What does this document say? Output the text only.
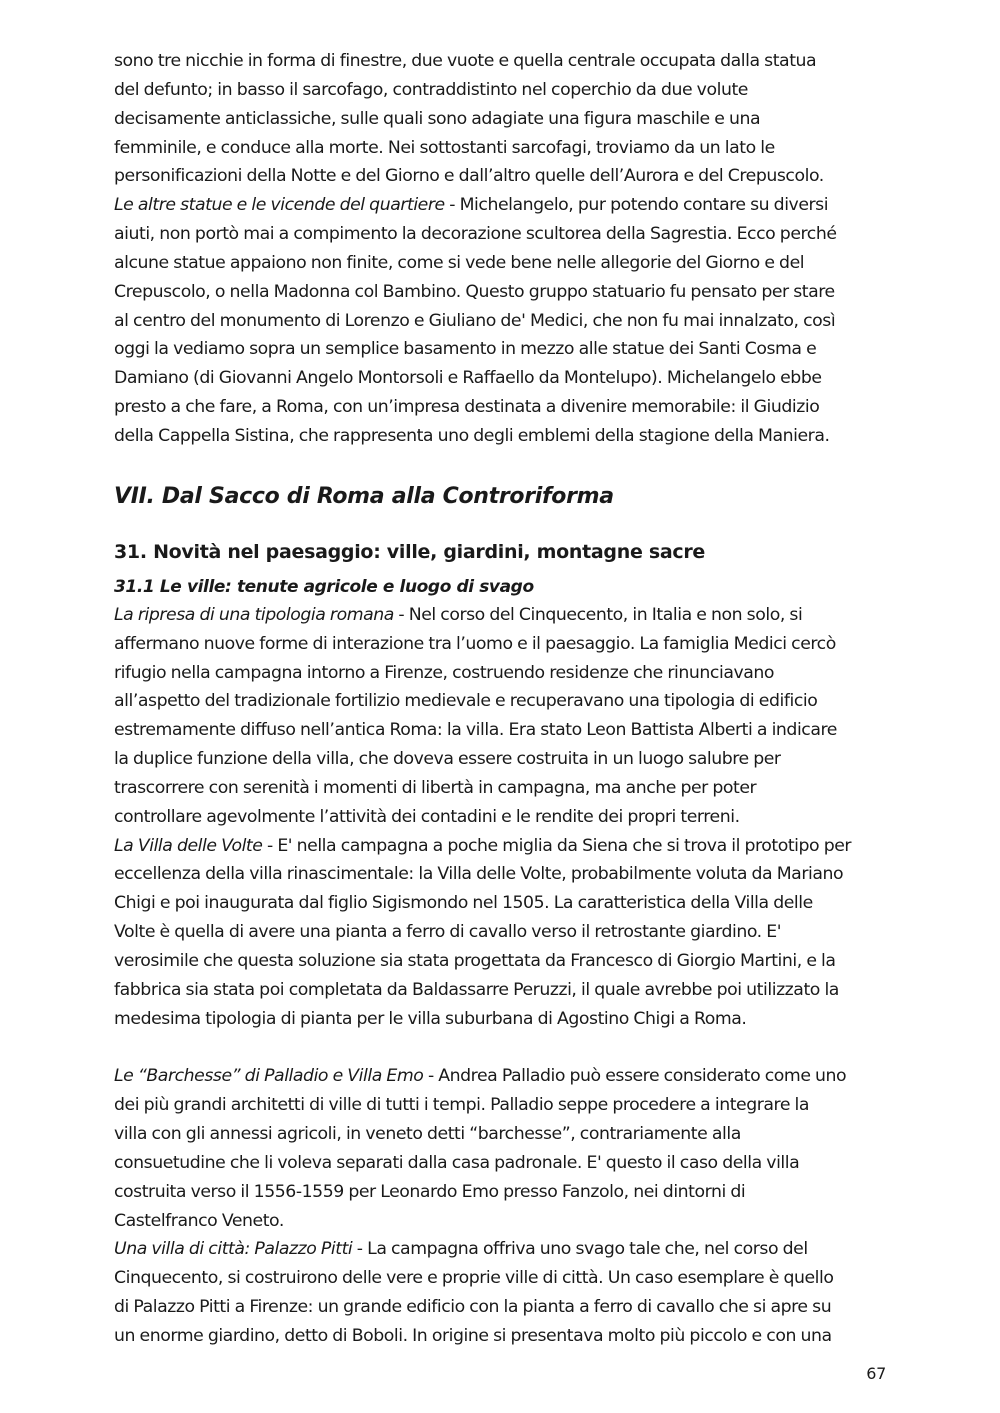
sono tre nicchie in forma di finestre, due vuote e quella centrale occupata dalla statua
del defunto; in basso il sarcofago, contraddistinto nel coperchio da due volute
decisamente anticlassiche, sulle quali sono adagiate una figura maschile e una
femminile, e conduce alla morte. Nei sottostanti sarcofagi, troviamo da un lato le
personificazioni della Notte e del Giorno e dall’altro quelle dell’Aurora e del Crepuscolo.
Le altre statue e le vicende del quartiere - Michelangelo, pur potendo contare su diversi
aiuti, non portò mai a compimento la decorazione scultorea della Sagrestia. Ecco perché
alcune statue appaiono non finite, come si vede bene nelle allegorie del Giorno e del
Crepuscolo, o nella Madonna col Bambino. Questo gruppo statuario fu pensato per stare
al centro del monumento di Lorenzo e Giuliano de' Medici, che non fu mai innalzato, così
oggi la vediamo sopra un semplice basamento in mezzo alle statue dei Santi Cosma e
Damiano (di Giovanni Angelo Montorsoli e Raffaello da Montelupo). Michelangelo ebbe
presto a che fare, a Roma, con un’impresa destinata a divenire memorabile: il Giudizio
della Cappella Sistina, che rappresenta uno degli emblemi della stagione della Maniera.
VII. Dal Sacco di Roma alla Controriforma
31. Novità nel paesaggio: ville, giardini, montagne sacre
31.1 Le ville: tenute agricole e luogo di svago
La ripresa di una tipologia romana - Nel corso del Cinquecento, in Italia e non solo, si
affermano nuove forme di interazione tra l’uomo e il paesaggio. La famiglia Medici cercò
rifugio nella campagna intorno a Firenze, costruendo residenze che rinunciavano
all’aspetto del tradizionale fortilizio medievale e recuperavano una tipologia di edificio
estremamente diffuso nell’antica Roma: la villa. Era stato Leon Battista Alberti a indicare
la duplice funzione della villa, che doveva essere costruita in un luogo salubre per
trascorrere con serenità i momenti di libertà in campagna, ma anche per poter
controllare agevolmente l’attività dei contadini e le rendite dei propri terreni.
La Villa delle Volte - E' nella campagna a poche miglia da Siena che si trova il prototipo per
eccellenza della villa rinascimentale: la Villa delle Volte, probabilmente voluta da Mariano
Chigi e poi inaugurata dal figlio Sigismondo nel 1505. La caratteristica della Villa delle
Volte è quella di avere una pianta a ferro di cavallo verso il retrostante giardino. E'
verosimile che questa soluzione sia stata progettata da Francesco di Giorgio Martini, e la
fabbrica sia stata poi completata da Baldassarre Peruzzi, il quale avrebbe poi utilizzato la
medesima tipologia di pianta per le villa suburbana di Agostino Chigi a Roma.
Le “Barchesse” di Palladio e Villa Emo - Andrea Palladio può essere considerato come uno
dei più grandi architetti di ville di tutti i tempi. Palladio seppe procedere a integrare la
villa con gli annessi agricoli, in veneto detti “barchesse”, contrariamente alla
consuetudine che li voleva separati dalla casa padronale. E' questo il caso della villa
costruita verso il 1556-1559 per Leonardo Emo presso Fanzolo, nei dintorni di
Castelfranco Veneto.
Una villa di città: Palazzo Pitti - La campagna offriva uno svago tale che, nel corso del
Cinquecento, si costruirono delle vere e proprie ville di città. Un caso esemplare è quello
di Palazzo Pitti a Firenze: un grande edificio con la pianta a ferro di cavallo che si apre su
un enorme giardino, detto di Boboli. In origine si presentava molto più piccolo e con una
67
